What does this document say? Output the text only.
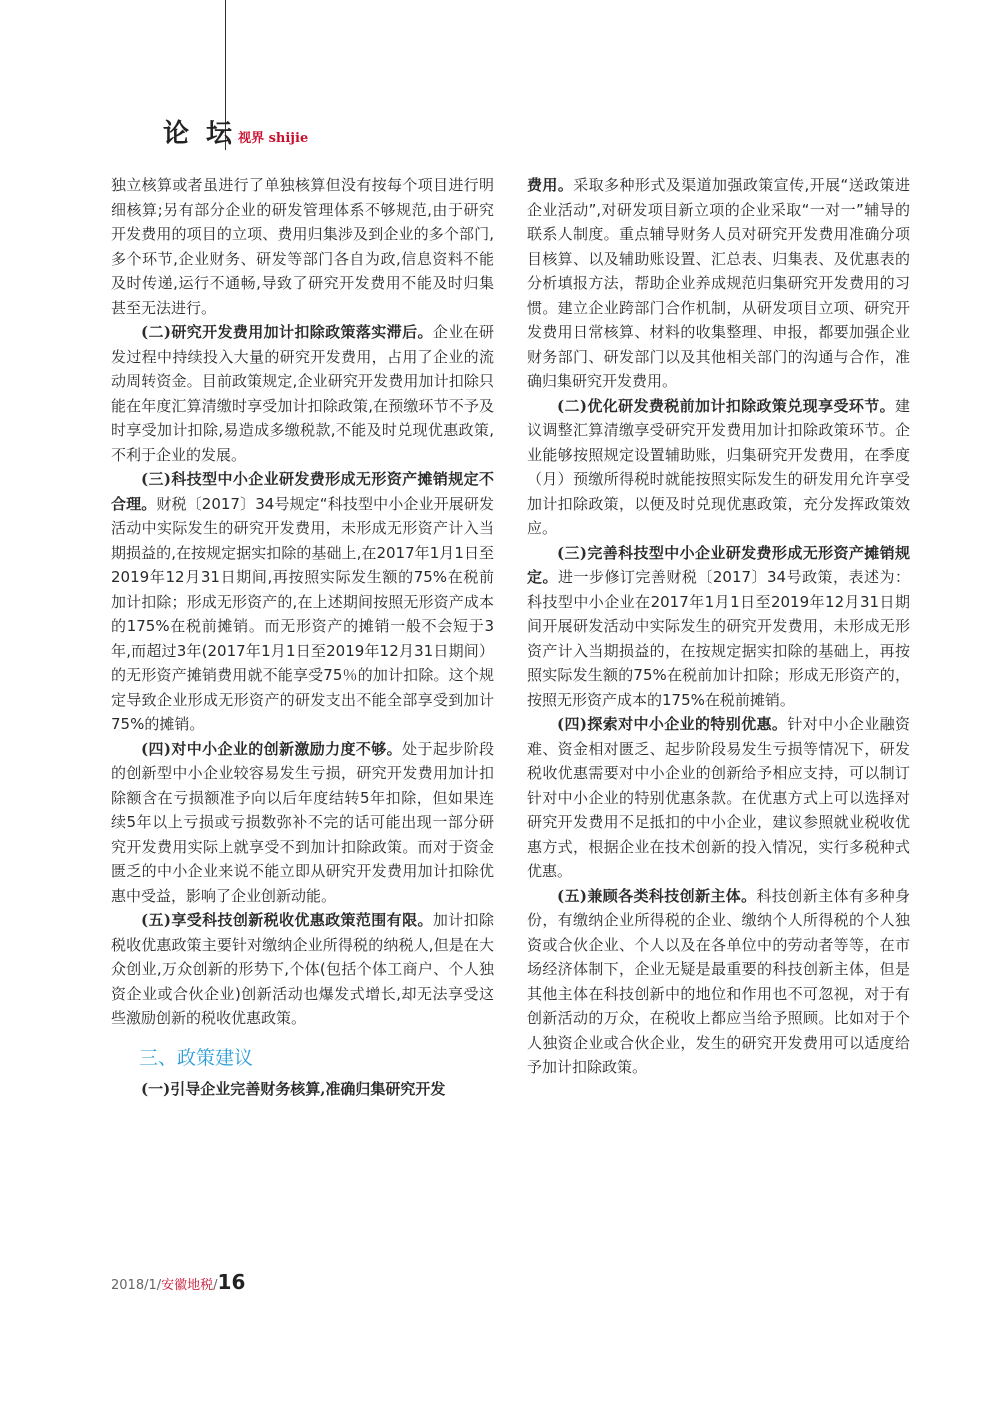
论 坛 视界 shijie

独立核算或者虽进行了单独核算但没有按每个项目进行明细核算;另有部分企业的研发管理体系不够规范,由于研究开发费用的项目的立项、费用归集涉及到企业的多个部门,多个环节,企业财务、研发等部门各自为政,信息资料不能及时传递,运行不通畅,导致了研究开发费用不能及时归集甚至无法进行。

(二)研究开发费用加计扣除政策落实滞后。企业在研发过程中持续投入大量的研究开发费用，占用了企业的流动周转资金。目前政策规定,企业研究开发费用加计扣除只能在年度汇算清缴时享受加计扣除政策,在预缴环节不予及时享受加计扣除,易造成多缴税款,不能及时兑现优惠政策,不利于企业的发展。

(三)科技型中小企业研发费形成无形资产摊销规定不合理。财税〔2017〕34号规定“科技型中小企业开展研发活动中实际发生的研究开发费用，未形成无形资产计入当期损益的,在按规定据实扣除的基础上,在2017年1月1日至2019年12月31日期间,再按照实际发生额的75%在税前加计扣除；形成无形资产的,在上述期间按照无形资产成本的175%在税前摊销。而无形资产的摊销一般不会短于3年,而超过3年(2017年1月1日至2019年12月31日期间）的无形资产摊销费用就不能享受75％的加计扣除。这个规定导致企业形成无形资产的研发支出不能全部享受到加计75%的摊销。

(四)对中小企业的创新激励力度不够。处于起步阶段的创新型中小企业较容易发生亏损，研究开发费用加计扣除额含在亏损额准予向以后年度结转5年扣除，但如果连续5年以上亏损或亏损数弥补不完的话可能出现一部分研究开发费用实际上就享受不到加计扣除政策。而对于资金匮乏的中小企业来说不能立即从研究开发费用加计扣除优惠中受益，影响了企业创新动能。

(五)享受科技创新税收优惠政策范围有限。加计扣除税收优惠政策主要针对缴纳企业所得税的纳税人,但是在大众创业,万众创新的形势下,个体(包括个体工商户、个人独资企业或合伙企业)创新活动也爆发式增长,却无法享受这些激励创新的税收优惠政策。

三、政策建议

(一)引导企业完善财务核算,准确归集研究开发

费用。采取多种形式及渠道加强政策宣传,开展“送政策进企业活动”,对研发项目新立项的企业采取“一对一”辅导的联系人制度。重点辅导财务人员对研究开发费用准确分项目核算、以及辅助账设置、汇总表、归集表、及优惠表的分析填报方法，帮助企业养成规范归集研究开发费用的习惯。建立企业跨部门合作机制，从研发项目立项、研究开发费用日常核算、材料的收集整理、申报，都要加强企业财务部门、研发部门以及其他相关部门的沟通与合作，准确归集研究开发费用。

(二)优化研发费税前加计扣除政策兑现享受环节。建议调整汇算清缴享受研究开发费用加计扣除政策环节。企业能够按照规定设置辅助账，归集研究开发费用，在季度（月）预缴所得税时就能按照实际发生的研发用允许享受加计扣除政策，以便及时兑现优惠政策，充分发挥政策效应。

(三)完善科技型中小企业研发费形成无形资产摊销规定。进一步修订完善财税〔2017〕34号政策，表述为：科技型中小企业在2017年1月1日至2019年12月31日期间开展研发活动中实际发生的研究开发费用，未形成无形资产计入当期损益的，在按规定据实扣除的基础上，再按照实际发生额的75%在税前加计扣除；形成无形资产的，按照无形资产成本的175%在税前摊销。

(四)探索对中小企业的特别优惠。针对中小企业融资难、资金相对匮乏、起步阶段易发生亏损等情况下，研发税收优惠需要对中小企业的创新给予相应支持，可以制订针对中小企业的特别优惠条款。在优惠方式上可以选择对研究开发费用不足抵扣的中小企业，建议参照就业税收优惠方式，根据企业在技术创新的投入情况，实行多税种式优惠。

(五)兼顾各类科技创新主体。科技创新主体有多种身份，有缴纳企业所得税的企业、缴纳个人所得税的个人独资或合伙企业、个人以及在各单位中的劳动者等等，在市场经济体制下，企业无疑是最重要的科技创新主体，但是其他主体在科技创新中的地位和作用也不可忽视，对于有创新活动的万众，在税收上都应当给予照顾。比如对于个人独资企业或合伙企业，发生的研究开发费用可以适度给予加计扣除政策。

2018/1/安徽地税/16
